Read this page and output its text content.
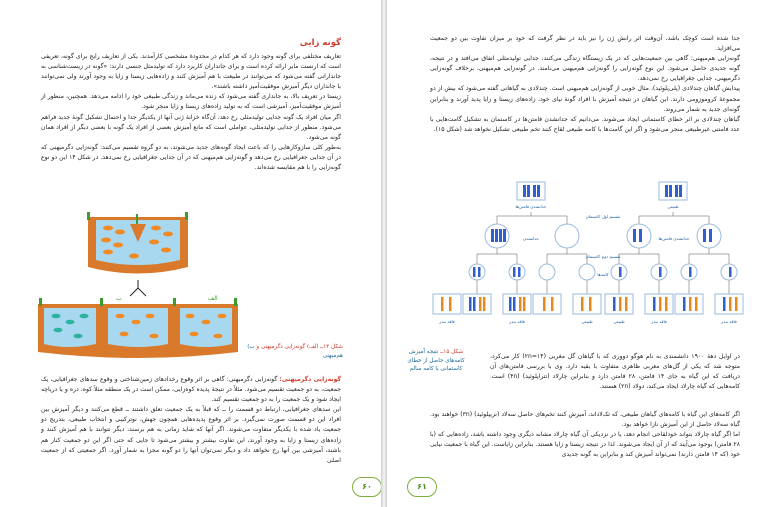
گونه زایی

تعاریف مختلفی برای گونه وجود دارد که هر کدام در محدودهٔ مشخصی کارآمدند. یکی از تعاریف رایج برای گونه، تعریفی است که ارنست مایر ارائه کرده است و برای جانداران کاربرد دارد که تولیدمثل جنسی دارند: «گونه در زیست‌شناسی به جاندارانی گفته می‌شود که می‌توانند در طبیعت با هم آمیزش کنند و زاده‌هایی زیستا و زایا به وجود آورند ولی نمی‌توانند با جانداران دیگر آمیزش موفقیت‌آمیز داشته باشند».

زیستا در تعریف بالا، به جانداری گفته می‌شود که زنده می‌ماند و زندگی طبیعی خود را ادامه می‌دهد. همچنین، منظور از آمیزش موفقیت‌آمیز، آمیزشی است که به تولید زاده‌های زیستا و زایا منجر شود.

اگر میان افراد یک گونه جدایی تولیدمثلی رخ دهد، آن‌گاه خزانهٔ ژنی آنها از یکدیگر جدا و احتمال تشکیل گونهٔ جدید فراهم می‌شود. منظور از جدایی تولیدمثلی، عواملی است که مانع آمیزش بعضی از افراد یک گونه با بعضی دیگر از افراد همان گونه می‌شود.

به‌طور کلی سازوکارهایی را که باعث ایجاد گونه‌های جدید می‌شوند، به دو گروه تقسیم می‌کنند: گونه‌زایی دگرمیهنی که در آن جدایی جغرافیایی رخ می‌دهد و گونه‌زایی هم‌میهنی که در آن جدایی جغرافیایی رخ نمی‌دهد. در شکل ۱۴ این دو نوع گونه‌زایی را با هم مقایسه شده‌اند.

ب	الف
شکل ۱۴ــ الف) گونه‌زایی دگرمیهنی و ب) هم‌میهنی

گونه‌زایی دگرمیهنی: گونه‌زایی دگرمیهنی: گاهی بر اثر وقوع رخدادهای زمین‌شناختی و وقوع سدهای جغرافیایی، یک جمعیت، به دو جمعیت تقسیم می‌شود. مثلاً در نتیجهٔ پدیده کوه‌زایی، ممکن است در یک منطقه مثلاً کوه، دره و یا دریاچه ایجاد شود و یک جمعیت را به دو جمعیت تقسیم کند.

این سدهای جغرافیایی، ارتباط دو قسمت را ــ که قبلاً به یک جمعیت تعلق داشتند ــ قطع می‌کنند و دیگر آمیزش بین افراد این دو قسمت صورت نمی‌گیرد. بر اثر وقوع پدیده‌هایی همچون جهش، نوترکیبی و انتخاب طبیعی، بتدریج دو جمعیت یاد شده با یکدیگر متفاوت می‌شوند. اگر آنها که شاید زمانی به هم برسند، دیگر نتوانند با هم آمیزش کنند و زاده‌های زیستا و زایا به وجود آورند، این تفاوت بیشتر و بیشتر می‌شود تا جایی که حتی اگر این دو جمعیت کنار هم باشند، آمیزشی بین آنها رخ نخواهد داد و دیگر نمی‌توان آنها را دو گونه مجزا به شمار آورد. اگر جمعیتی که از جمعیت اصلی

۶۰

جدا شده است کوچک باشد، آن‌وقت اثر رانش ژن را نیز باید در نظر گرفت که خود بر میزان تفاوت بین دو جمعیت می‌افزاید.

گونه‌زایی هم‌میهنی: گاهی بین جمعیت‌هایی که در یک زیستگاه زندگی می‌کنند، جدایی تولیدمثلی اتفاق می‌افتد و در نتیجه، گونه جدیدی حاصل می‌شود. این نوع گونه‌زایی را گونه‌زایی هم‌میهنی می‌نامند. در گونه‌زایی هم‌میهنی، برخلاف گونه‌زایی دگرمیهنی، جدایی جغرافیایی رخ نمی‌دهد.

پیدایش گیاهان چندلادی (پلی‌پلوئید)، مثال خوبی از گونه‌زایی هم‌میهنی است. چندلادی به گیاهانی گفته می‌شود که بیش از دو مجموعهٔ کروموزومی دارند. این گیاهان در نتیجه آمیزش با افراد گونهٔ نیای خود، زاده‌های زیستا و زایا پدید آورند و بنابراین گونه‌ای جدید به شمار می‌روند.

گیاهان چندلادی بر اثر خطای کاستمانی ایجاد می‌شوند. می‌دانیم که جدانشدن فامتن‌ها در کاستمان به تشکیل گامت‌هایی با عدد فامتنی غیرطبیعی منجر می‌شود و اگر این گامت‌ها با کامه طبیعی لقاح کنند تخم طبیعی تشکیل نخواهد شد (شکل ۱۵).

جدانشدن فامتن‌ها	طبیعی
تقسیم اول کاستمان
جدانشدن	جدانشدن فامتن‌ها
تقسیم دوم کاستمان
کامه‌ها
فاقد بندر	فاقد بندر	طبیعی	طبیعی	فاقد بندر	فاقد بندر
شکل ۱۵ــ نتیجه آمیزش کامه‌های حاصل از خطای کاستمانی با کامه سالم

در اوایل دههٔ ۱۹۰۰ دانشمندی به نام هوگو دووری که با گیاهان گل مغربی (۱۴=۲n) کار می‌کرد، متوجه شد که یکی از گل‌های مغربی ظاهری متفاوت با بقیه دارد. وی با بررسی فامتن‌های آن دریافت که این گیاه به جای ۱۴ فامتن، ۲۸ فامتن دارد و بنابراین چارلاد (تترا‌پلوئید) (۴n) است. کامه‌هایی که گیاه چارلاد ایجاد می‌کند، دولاد (۲n) هستند.

اگر کامه‌های این گیاه با کامه‌های گیاهان طبیعی، که تک‌لاد‌اند، آمیزش کنند تخم‌های حاصل سه‌لاد (تریپلوئید) (۳n) خواهند بود. گیاه سه‌لاد حاصل از این آمیزش نازا خواهد بود.

اما اگر گیاه چارلاد بتواند خودلقاحی انجام دهد، یا در نزدیکی آن گیاه چارلاد مشابه دیگری وجود داشته باشد، زاده‌هایی که (با ۲۸ فامتن) بوجود می‌آیند که از آن ایجاد می‌شوند. لذا در نتیجه زیستا و زایا هستند. بنابراین زایاست. این گیاه با جمعیت نیایی خود (که ۱۴ فامتن دارند) نمی‌تواند آمیزش کند و بنابراین به گونه جدیدی

۶۱
